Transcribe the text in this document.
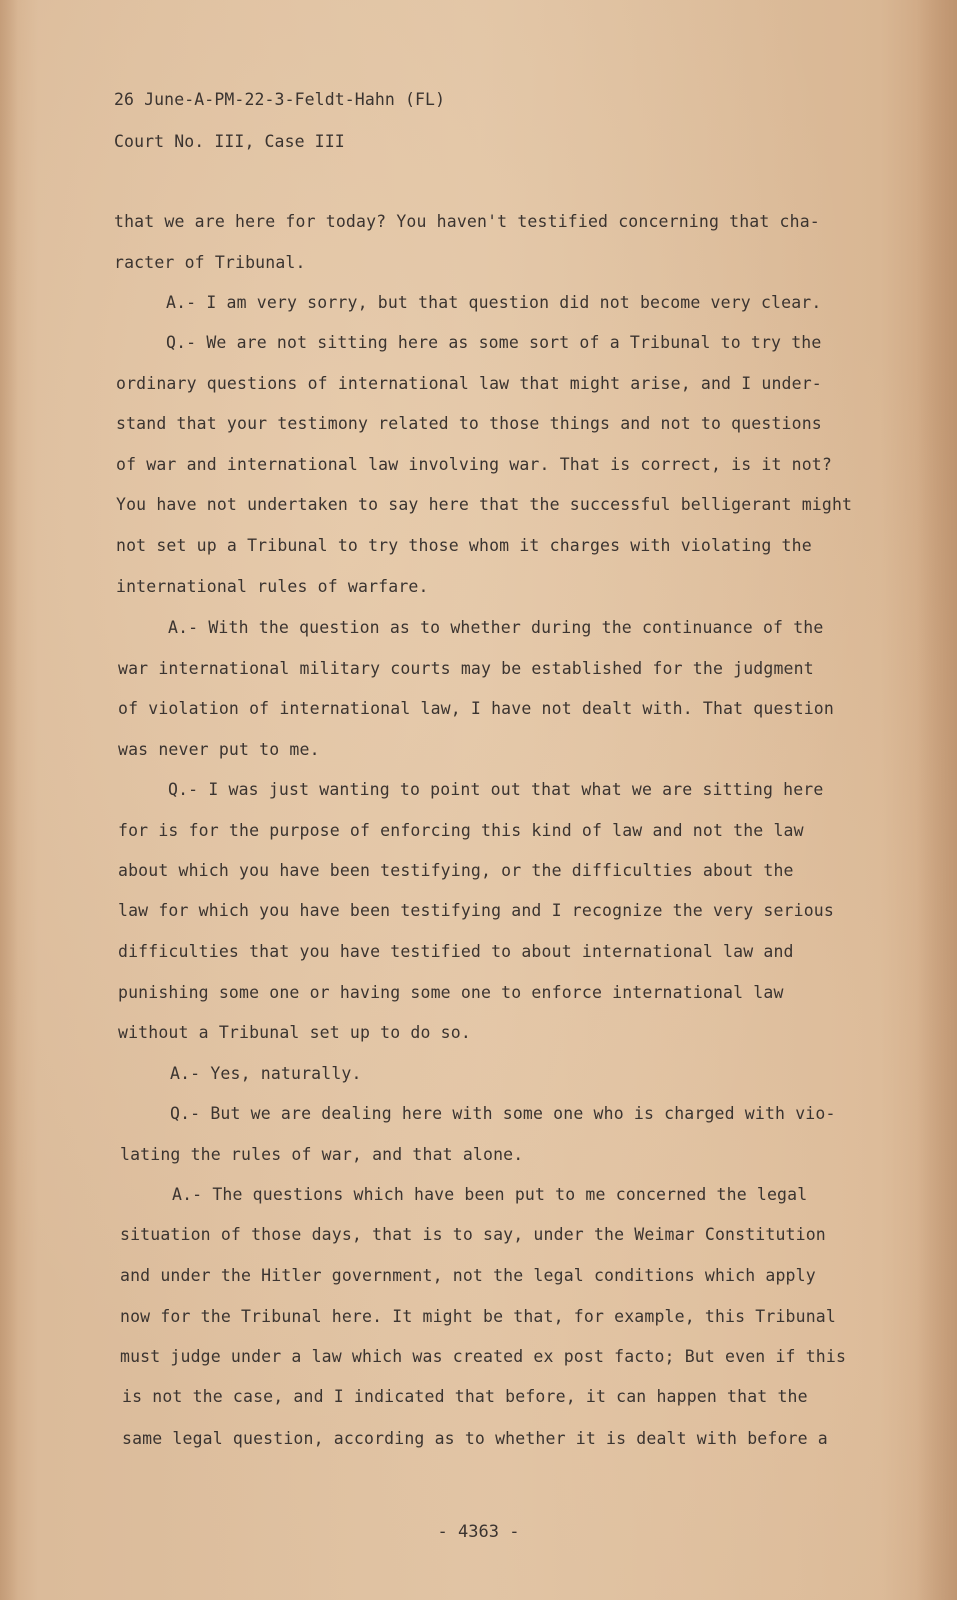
26 June-A-PM-22-3-Feldt-Hahn (FL)
Court No. III, Case III
that we are here for today? You haven't testified concerning that cha-
racter of Tribunal.
A.- I am very sorry, but that question did not become very clear.
Q.- We are not sitting here as some sort of a Tribunal to try the
ordinary questions of international law that might arise, and I under-
stand that your testimony related to those things and not to questions
of war and international law involving war. That is correct, is it not?
You have not undertaken to say here that the successful belligerant might
not set up a Tribunal to try those whom it charges with violating the
international rules of warfare.
A.- With the question as to whether during the continuance of the
war international military courts may be established for the judgment
of violation of international law, I have not dealt with. That question
was never put to me.
Q.- I was just wanting to point out that what we are sitting here
for is for the purpose of enforcing this kind of law and not the law
about which you have been testifying, or the difficulties about the
law for which you have been testifying and I recognize the very serious
difficulties that you have testified to about international law and
punishing some one or having some one to enforce international law
without a Tribunal set up to do so.
A.- Yes, naturally.
Q.- But we are dealing here with some one who is charged with vio-
lating the rules of war, and that alone.
A.- The questions which have been put to me concerned the legal
situation of those days, that is to say, under the Weimar Constitution
and under the Hitler government, not the legal conditions which apply
now for the Tribunal here. It might be that, for example, this Tribunal
must judge under a law which was created ex post facto; But even if this
is not the case, and I indicated that before, it can happen that the
same legal question, according as to whether it is dealt with before a
- 4363 -
